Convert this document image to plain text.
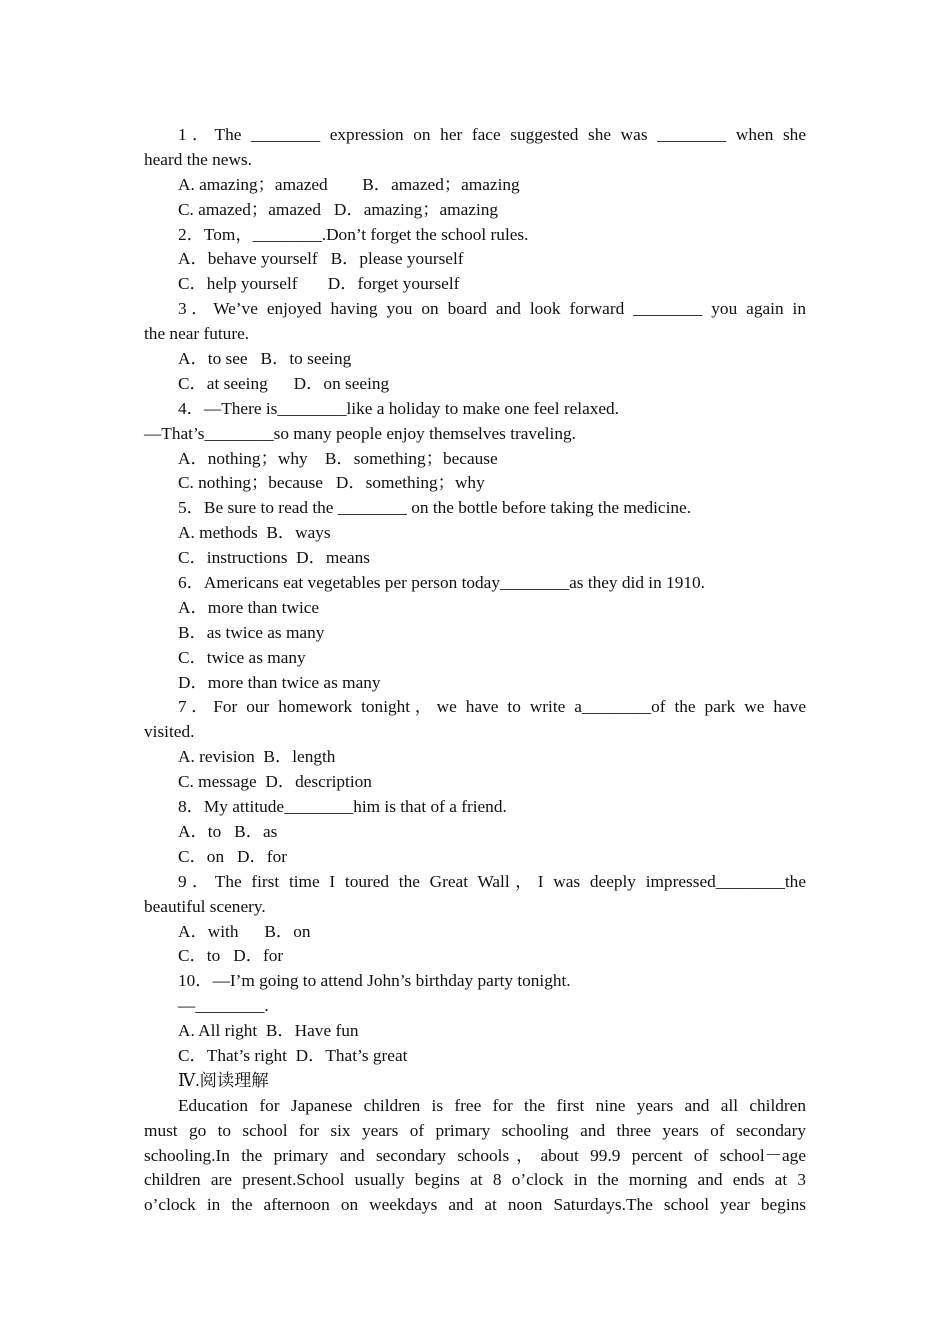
1．The ________ expression on her face suggested she was ________ when she
heard the news.
A. amazing；amazed        B．amazed；amazing
C. amazed；amazed   D．amazing；amazing
2．Tom，________.Don’t forget the school rules.
A．behave yourself   B．please yourself
C．help yourself       D．forget yourself
3．We’ve enjoyed having you on board and look forward ________ you again in
the near future.
A．to see   B．to seeing
C．at seeing      D．on seeing
4．—There is________like a holiday to make one feel relaxed.
—That’s________so many people enjoy themselves traveling.
A．nothing；why    B．something；because
C. nothing；because   D．something；why
5．Be sure to read the ________ on the bottle before taking the medicine.
A. methods  B．ways
C．instructions  D．means
6．Americans eat vegetables per person today________as they did in 1910.
A．more than twice
B．as twice as many
C．twice as many
D．more than twice as many
7．For our homework tonight，we have to write a________of the park we have
visited.
A. revision  B．length
C. message  D．description
8．My attitude________him is that of a friend.
A．to   B．as
C．on   D．for
9．The first time I toured the Great Wall，I was deeply impressed________the
beautiful scenery.
A．with      B．on
C．to   D．for
10．—I’m going to attend John’s birthday party tonight.
—________.
A. All right  B．Have fun
C．That’s right  D．That’s great
Ⅳ.阅读理解
Education for Japanese children is free for the first nine years and all children
must go to school for six years of primary schooling and three years of secondary
schooling.In the primary and secondary schools，about 99.9 percent of school－age
children are present.School usually begins at 8 o’clock in the morning and ends at 3
o’clock in the afternoon on weekdays and at noon Saturdays.The school year begins
